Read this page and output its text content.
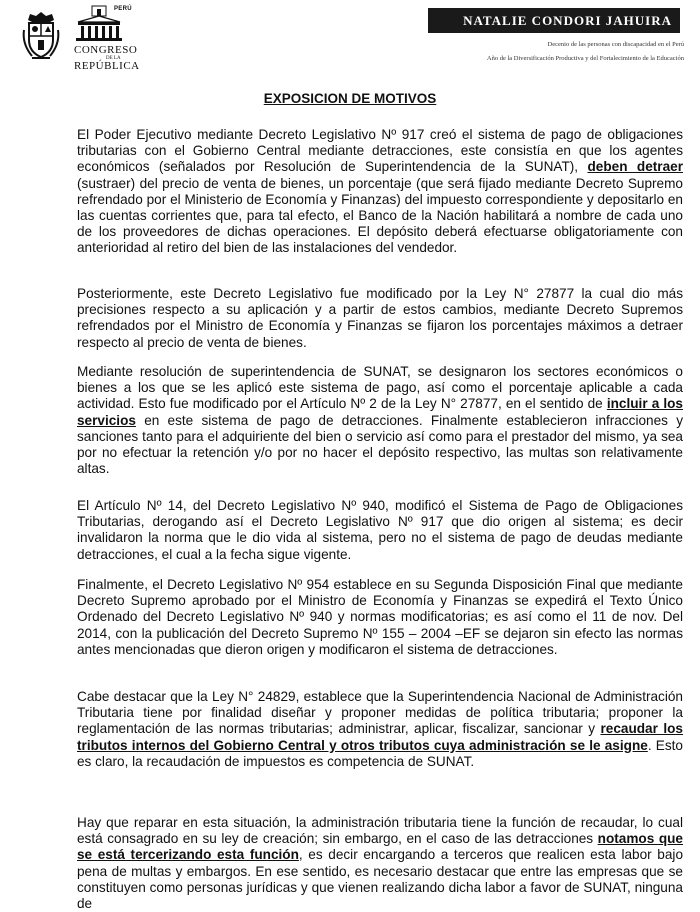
PERÚ
CONGRESO
DE LA
REPÚBLICA
NATALIE CONDORI JAHUIRA
Decenio de las personas con discapacidad en el Perú
Año de la Diversificación Productiva y del Fortalecimiento de la Educación
EXPOSICION DE MOTIVOS

El Poder Ejecutivo mediante Decreto Legislativo Nº 917 creó el sistema de pago de obligaciones tributarias con el Gobierno Central mediante detracciones, este consistía en que los agentes económicos (señalados por Resolución de Superintendencia de la SUNAT), deben detraer (sustraer) del precio de venta de bienes, un porcentaje (que será fijado mediante Decreto Supremo refrendado por el Ministerio de Economía y Finanzas) del impuesto correspondiente y depositarlo en las cuentas corrientes que, para tal efecto, el Banco de la Nación habilitará a nombre de cada uno de los proveedores de dichas operaciones. El depósito deberá efectuarse obligatoriamente con anterioridad al retiro del bien de las instalaciones del vendedor.

Posteriormente, este Decreto Legislativo fue modificado por la Ley N° 27877 la cual dio más precisiones respecto a su aplicación y a partir de estos cambios, mediante Decreto Supremos refrendados por el Ministro de Economía y Finanzas se fijaron los porcentajes máximos a detraer respecto al precio de venta de bienes.

Mediante resolución de superintendencia de SUNAT, se designaron los sectores económicos o bienes a los que se les aplicó este sistema de pago, así como el porcentaje aplicable a cada actividad. Esto fue modificado por el Artículo Nº 2 de la Ley N° 27877, en el sentido de incluir a los servicios en este sistema de pago de detracciones. Finalmente establecieron infracciones y sanciones tanto para el adquiriente del bien o servicio así como para el prestador del mismo, ya sea por no efectuar la retención y/o por no hacer el depósito respectivo, las multas son relativamente altas.

El Artículo Nº 14, del Decreto Legislativo Nº 940, modificó el Sistema de Pago de Obligaciones Tributarias, derogando así el Decreto Legislativo Nº 917 que dio origen al sistema; es decir invalidaron la norma que le dio vida al sistema, pero no el sistema de pago de deudas mediante detracciones, el cual a la fecha sigue vigente.

Finalmente, el Decreto Legislativo Nº 954 establece en su Segunda Disposición Final que mediante Decreto Supremo aprobado por el Ministro de Economía y Finanzas se expedirá el Texto Único Ordenado del Decreto Legislativo Nº 940 y normas modificatorias; es así como el 11 de nov. Del 2014, con la publicación del Decreto Supremo Nº 155 – 2004 –EF se dejaron sin efecto las normas antes mencionadas que dieron origen y modificaron el sistema de detracciones.

Cabe destacar que la Ley N° 24829, establece que la Superintendencia Nacional de Administración Tributaria tiene por finalidad diseñar y proponer medidas de política tributaria; proponer la reglamentación de las normas tributarias; administrar, aplicar, fiscalizar, sancionar y recaudar los tributos internos del Gobierno Central y otros tributos cuya administración se le asigne. Esto es claro, la recaudación de impuestos es competencia de SUNAT.

Hay que reparar en esta situación, la administración tributaria tiene la función de recaudar, lo cual está consagrado en su ley de creación; sin embargo, en el caso de las detracciones notamos que se está tercerizando esta función, es decir encargando a terceros que realicen esta labor bajo pena de multas y embargos. En ese sentido, es necesario destacar que entre las empresas que se constituyen como personas jurídicas y que vienen realizando dicha labor a favor de SUNAT, ninguna de
